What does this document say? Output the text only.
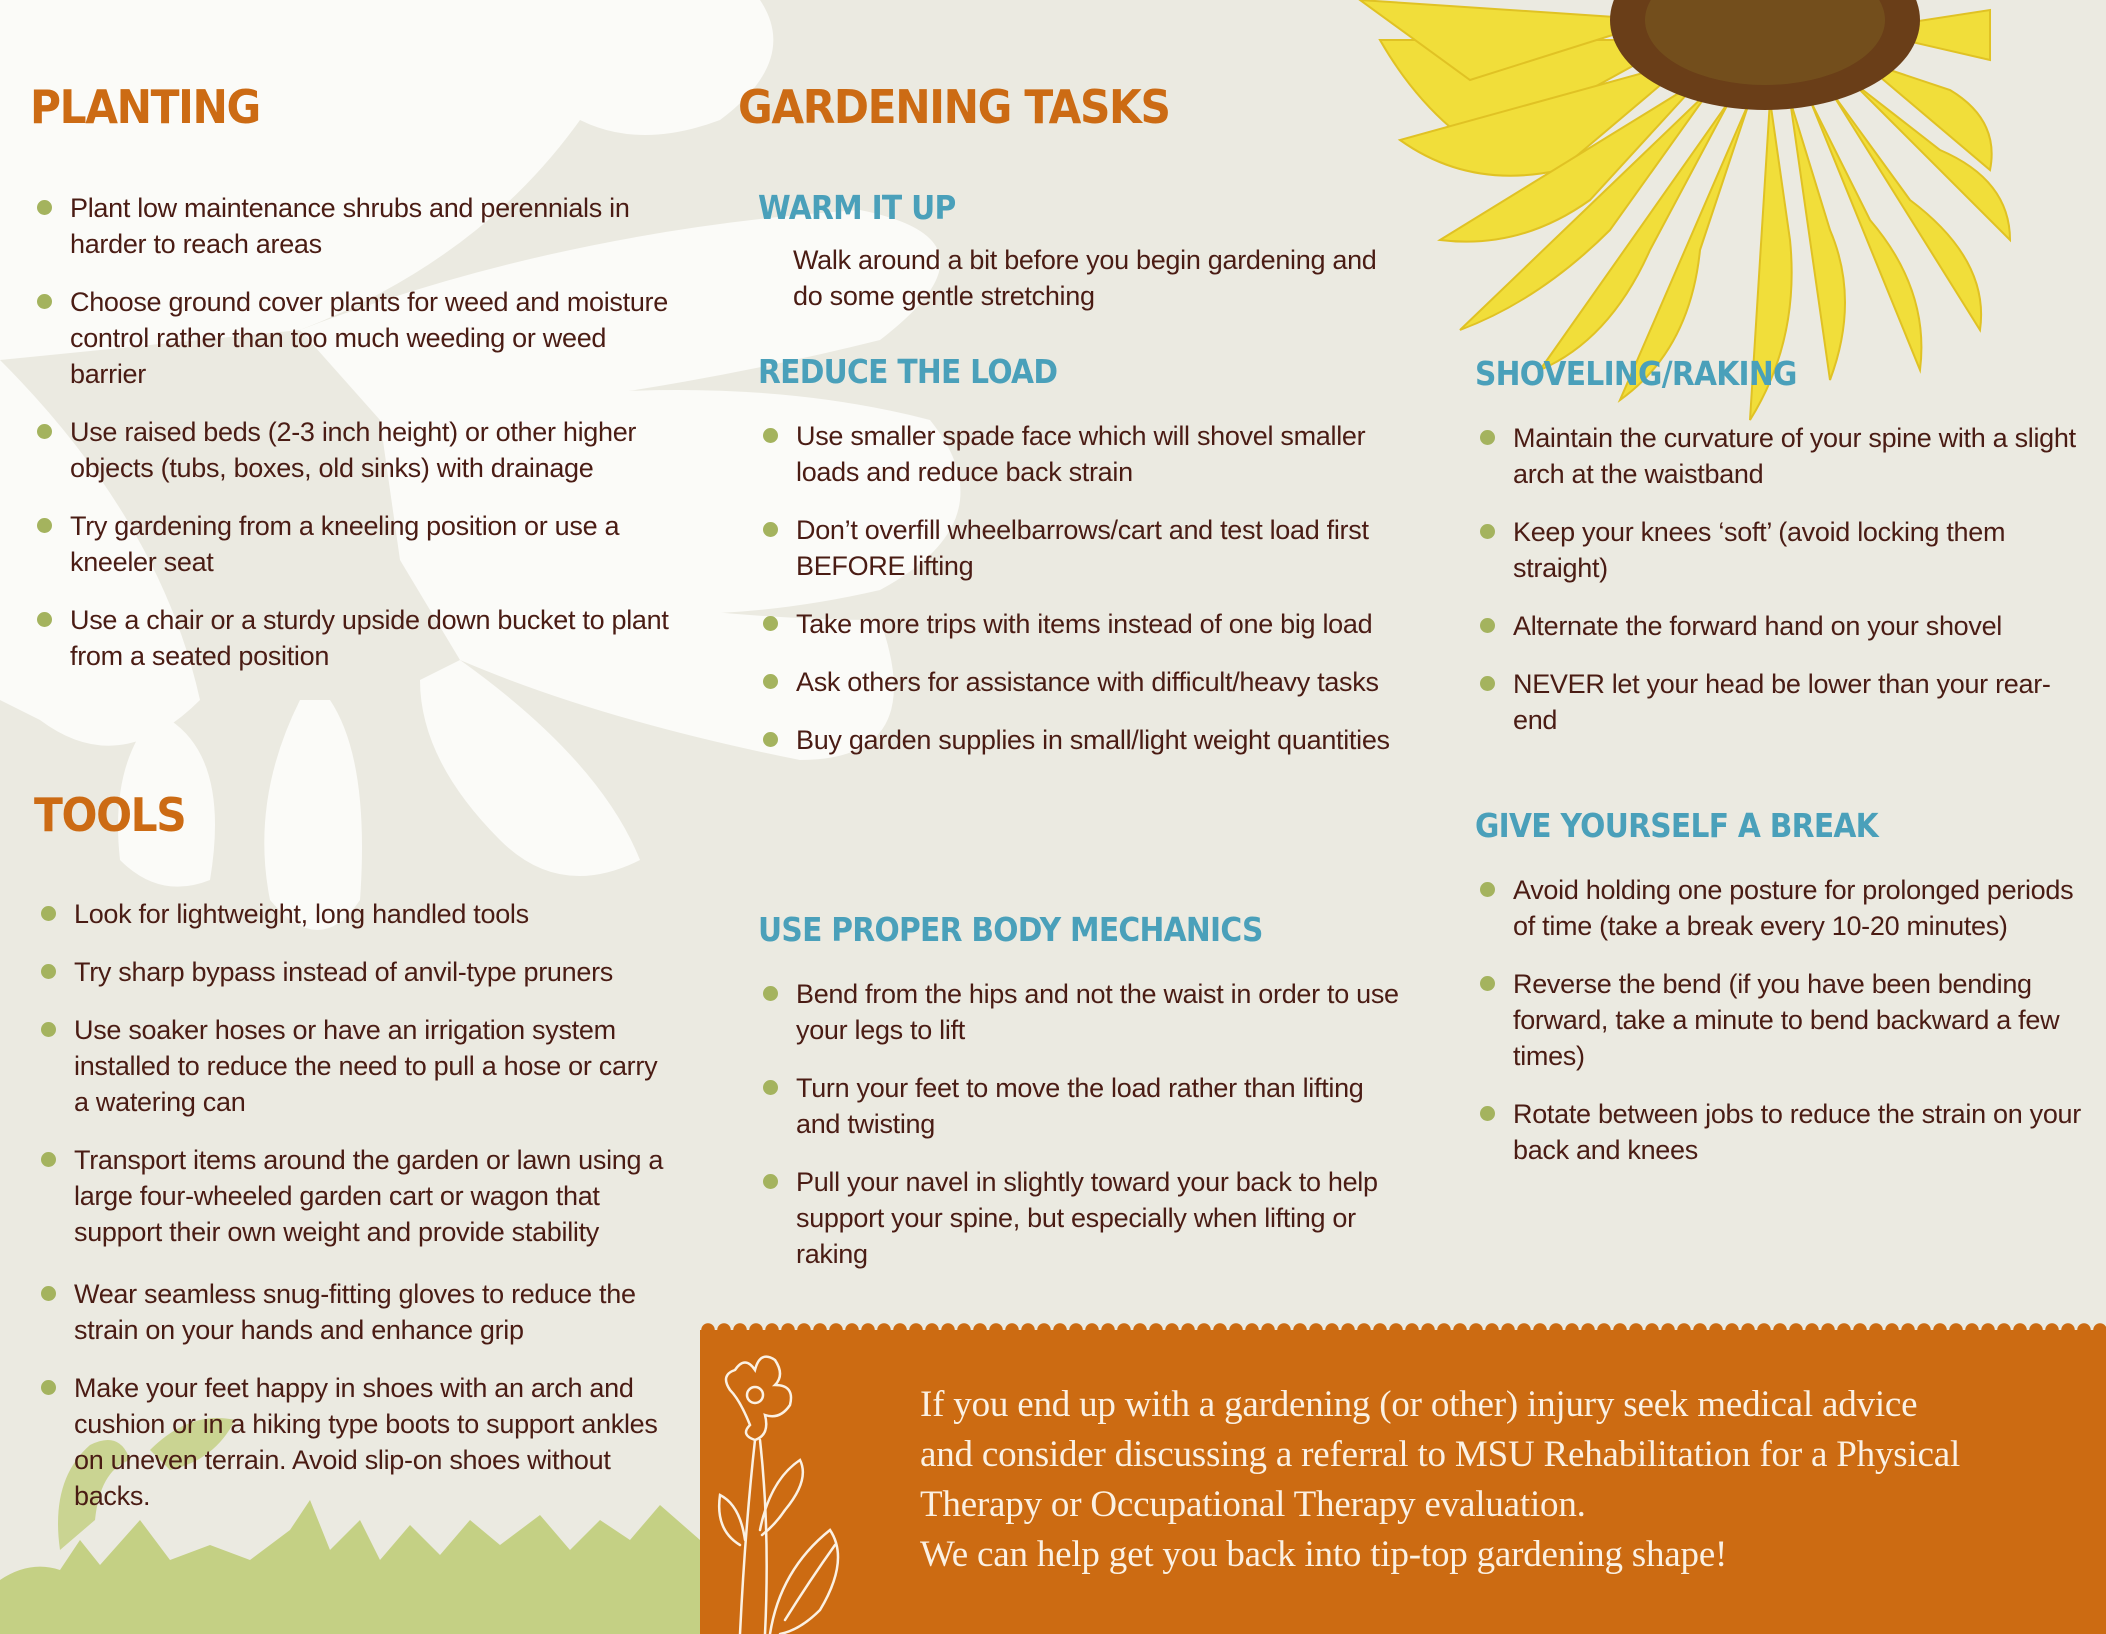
PLANTING
Plant low maintenance shrubs and perennials in harder to reach areas
Choose ground cover plants for weed and moisture control rather than too much weeding or weed barrier
Use raised beds (2-3 inch height) or other higher objects (tubs, boxes, old sinks) with drainage
Try gardening from a kneeling position or use a kneeler seat
Use a chair or a sturdy upside down bucket to plant from a seated position
TOOLS
Look for lightweight, long handled tools
Try sharp bypass instead of anvil-type pruners
Use soaker hoses or have an irrigation system installed to reduce the need to pull a hose or carry a watering can
Transport items around the garden or lawn using a large four-wheeled garden cart or wagon that support their own weight and provide stability
Wear seamless snug-fitting gloves to reduce the strain on your hands and enhance grip
Make your feet happy in shoes with an arch and cushion or in a hiking type boots to support ankles on uneven terrain. Avoid slip-on shoes without backs.
GARDENING TASKS
WARM IT UP

Walk around a bit before you begin gardening and do some gentle stretching

REDUCE THE LOAD
Use smaller spade face which will shovel smaller loads and reduce back strain
Don’t overfill wheelbarrows/cart and test load first BEFORE lifting
Take more trips with items instead of one big load
Ask others for assistance with difficult/heavy tasks
Buy garden supplies in small/light weight quantities
USE PROPER BODY MECHANICS
Bend from the hips and not the waist in order to use your legs to lift
Turn your feet to move the load rather than lifting and twisting
Pull your navel in slightly toward your back to help support your spine, but especially when lifting or raking
SHOVELING/RAKING
Maintain the curvature of your spine with a slight arch at the waistband
Keep your knees ‘soft’ (avoid locking them straight)
Alternate the forward hand on your shovel
NEVER let your head be lower than your rear-end
GIVE YOURSELF A BREAK
Avoid holding one posture for prolonged periods of time (take a break every 10-20 minutes)
Reverse the bend (if you have been bending forward, take a minute to bend backward a few times)
Rotate between jobs to reduce the strain on your back and knees

If you end up with a gardening (or other) injury seek medical advice
and consider discussing a referral to MSU Rehabilitation for a Physical
Therapy or Occupational Therapy evaluation.
We can help get you back into tip-top gardening shape!
